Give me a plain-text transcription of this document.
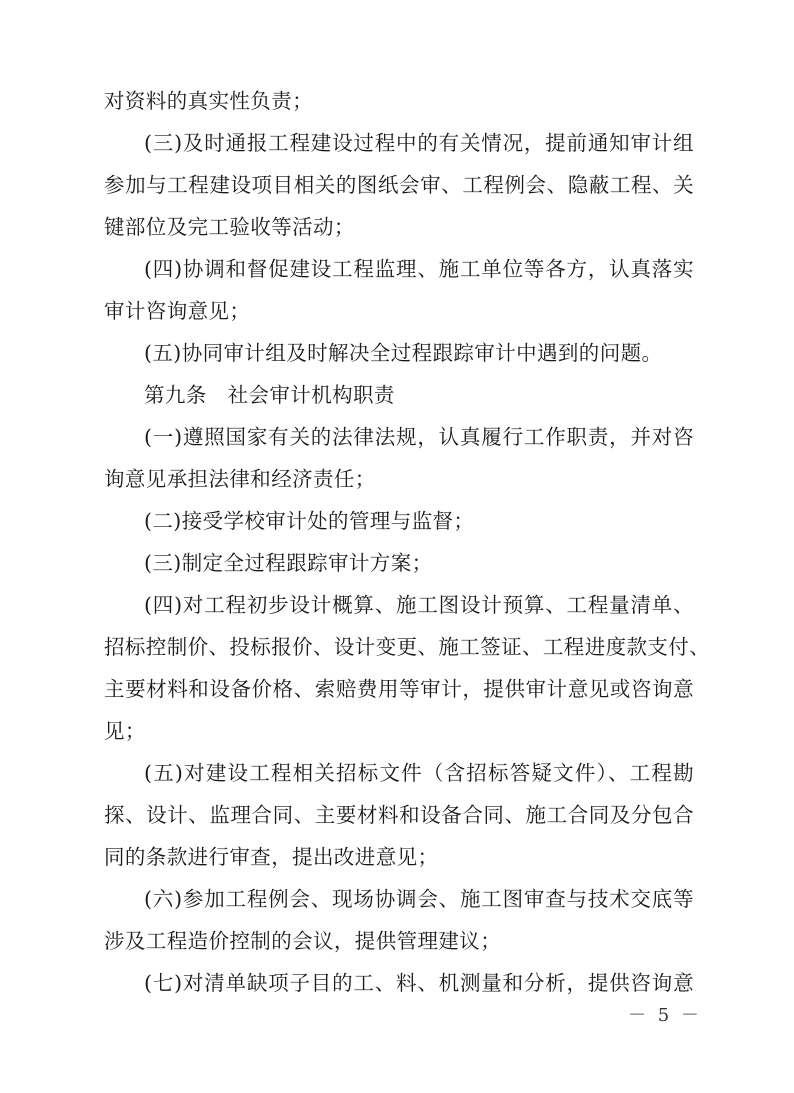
对资料的真实性负责；
(三)及时通报工程建设过程中的有关情况，提前通知审计组
参加与工程建设项目相关的图纸会审、工程例会、隐蔽工程、关
键部位及完工验收等活动；
(四)协调和督促建设工程监理、施工单位等各方，认真落实
审计咨询意见；
(五)协同审计组及时解决全过程跟踪审计中遇到的问题。
第九条　社会审计机构职责
(一)遵照国家有关的法律法规，认真履行工作职责，并对咨
询意见承担法律和经济责任；
(二)接受学校审计处的管理与监督；
(三)制定全过程跟踪审计方案；
(四)对工程初步设计概算、施工图设计预算、工程量清单、
招标控制价、投标报价、设计变更、施工签证、工程进度款支付、
主要材料和设备价格、索赔费用等审计，提供审计意见或咨询意
见；
(五)对建设工程相关招标文件（含招标答疑文件）、工程勘
探、设计、监理合同、主要材料和设备合同、施工合同及分包合
同的条款进行审查，提出改进意见；
(六)参加工程例会、现场协调会、施工图审查与技术交底等
涉及工程造价控制的会议，提供管理建议；
(七)对清单缺项子目的工、料、机测量和分析，提供咨询意
－ 5 －
